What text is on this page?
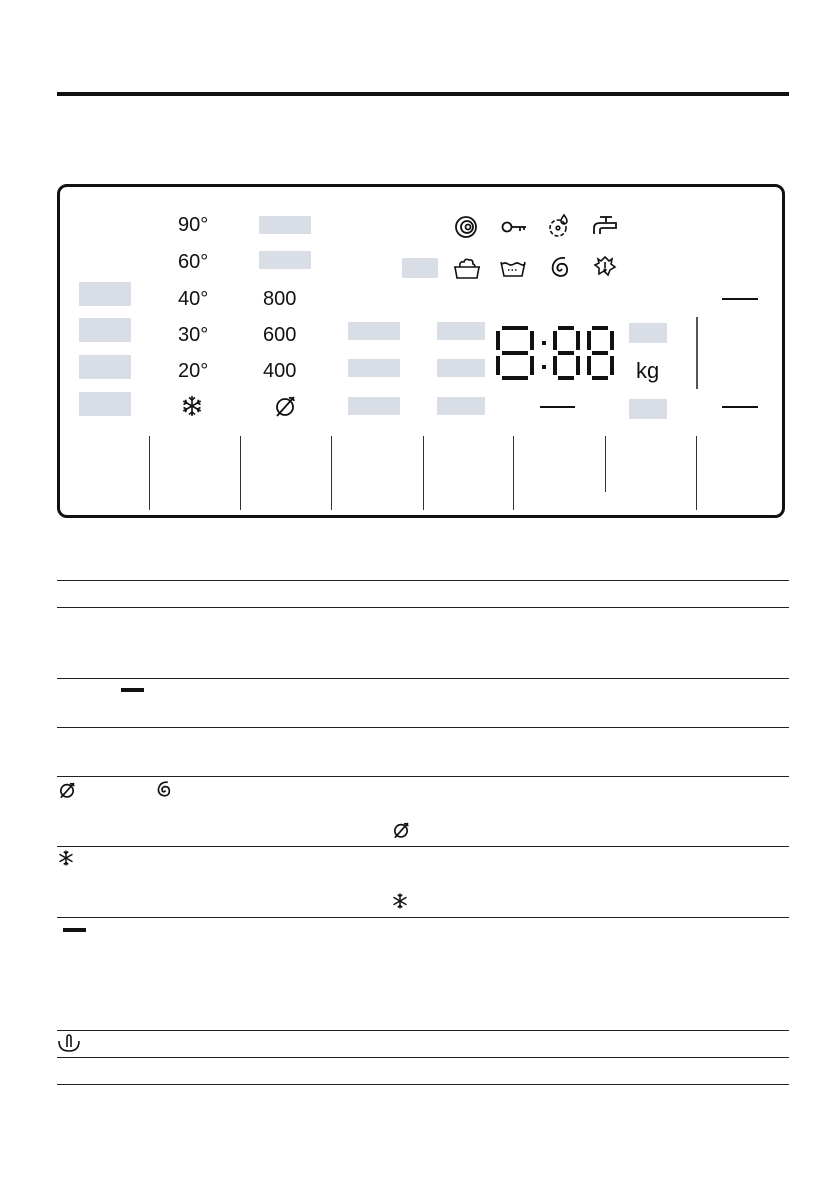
90°
60°
40°
30°
20°
800
600
400	kg
